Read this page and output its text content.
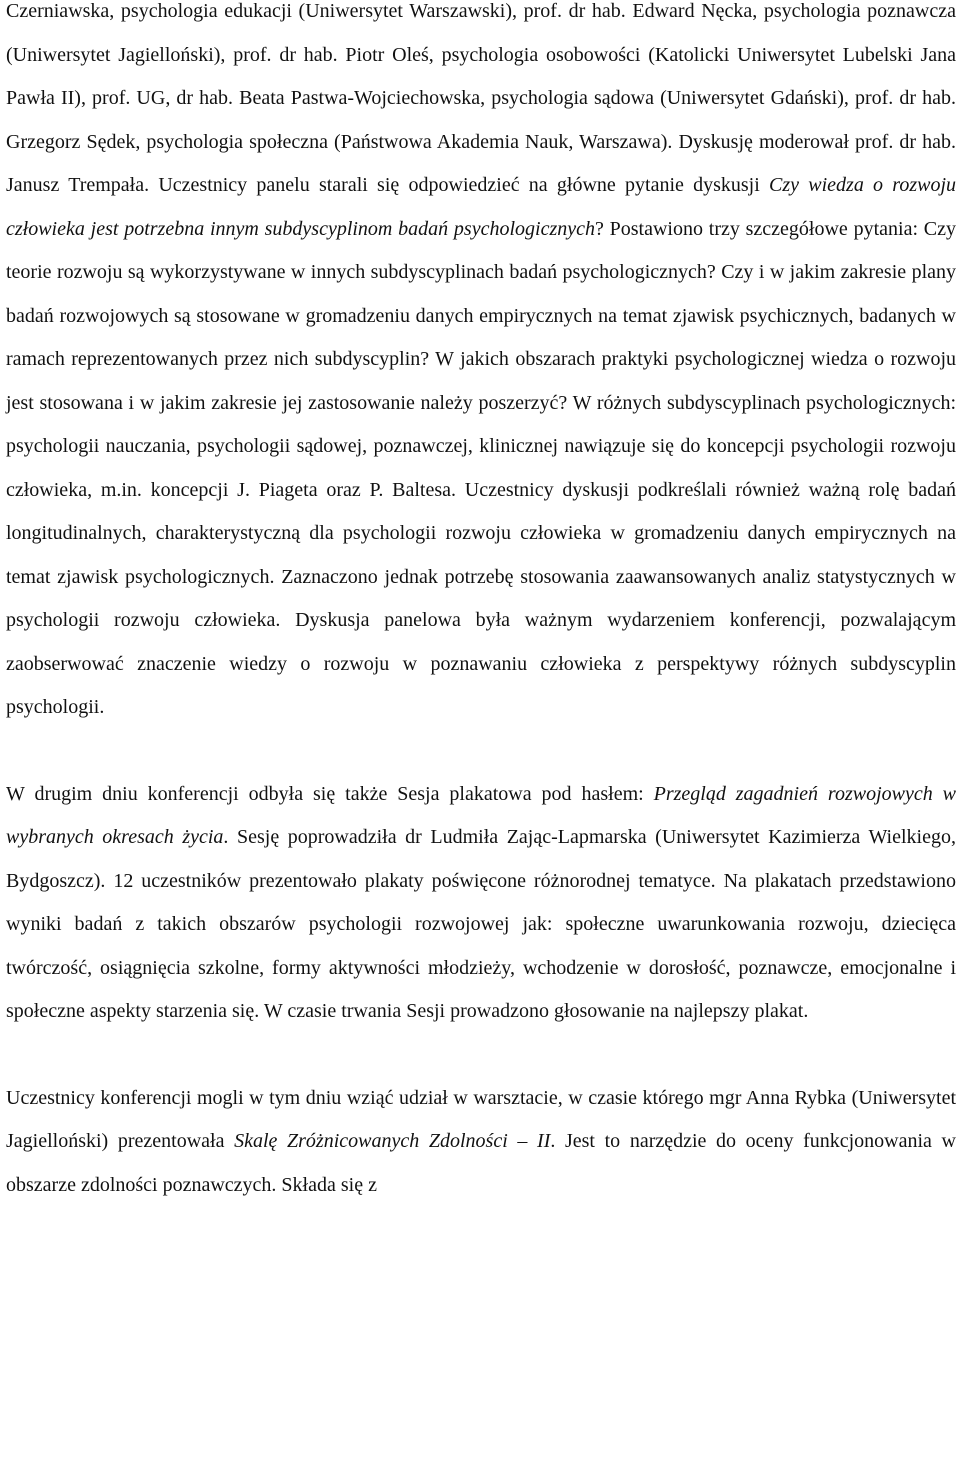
Czerniawska, psychologia edukacji (Uniwersytet Warszawski), prof. dr hab. Edward Nęcka, psychologia poznawcza (Uniwersytet Jagielloński), prof. dr hab. Piotr Oleś, psychologia osobowości (Katolicki Uniwersytet Lubelski Jana Pawła II), prof. UG, dr hab. Beata Pastwa-Wojciechowska, psychologia sądowa (Uniwersytet Gdański), prof. dr hab. Grzegorz Sędek, psychologia społeczna (Państwowa Akademia Nauk, Warszawa). Dyskusję moderował prof. dr hab. Janusz Trempała. Uczestnicy panelu starali się odpowiedzieć na główne pytanie dyskusji Czy wiedza o rozwoju człowieka jest potrzebna innym subdyscyplinom badań psychologicznych? Postawiono trzy szczegółowe pytania: Czy teorie rozwoju są wykorzystywane w innych subdyscyplinach badań psychologicznych? Czy i w jakim zakresie plany badań rozwojowych są stosowane w gromadzeniu danych empirycznych na temat zjawisk psychicznych, badanych w ramach reprezentowanych przez nich subdyscyplin? W jakich obszarach praktyki psychologicznej wiedza o rozwoju jest stosowana i w jakim zakresie jej zastosowanie należy poszerzyć? W różnych subdyscyplinach psychologicznych: psychologii nauczania, psychologii sądowej, poznawczej, klinicznej nawiązuje się do koncepcji psychologii rozwoju człowieka, m.in. koncepcji J. Piageta oraz P. Baltesa. Uczestnicy dyskusji podkreślali również ważną rolę badań longitudinalnych, charakterystyczną dla psychologii rozwoju człowieka w gromadzeniu danych empirycznych na temat zjawisk psychologicznych. Zaznaczono jednak potrzebę stosowania zaawansowanych analiz statystycznych w psychologii rozwoju człowieka. Dyskusja panelowa była ważnym wydarzeniem konferencji, pozwalającym zaobserwować znaczenie wiedzy o rozwoju w poznawaniu człowieka z perspektywy różnych subdyscyplin psychologii.

W drugim dniu konferencji odbyła się także Sesja plakatowa pod hasłem: Przegląd zagadnień rozwojowych w wybranych okresach życia. Sesję poprowadziła dr Ludmiła Zając-Lapmarska (Uniwersytet Kazimierza Wielkiego, Bydgoszcz). 12 uczestników prezentowało plakaty poświęcone różnorodnej tematyce. Na plakatach przedstawiono wyniki badań z takich obszarów psychologii rozwojowej jak: społeczne uwarunkowania rozwoju, dziecięca twórczość, osiągnięcia szkolne, formy aktywności młodzieży, wchodzenie w dorosłość, poznawcze, emocjonalne i społeczne aspekty starzenia się. W czasie trwania Sesji prowadzono głosowanie na najlepszy plakat.

Uczestnicy konferencji mogli w tym dniu wziąć udział w warsztacie, w czasie którego mgr Anna Rybka (Uniwersytet Jagielloński) prezentowała Skalę Zróżnicowanych Zdolności – II. Jest to narzędzie do oceny funkcjonowania w obszarze zdolności poznawczych. Składa się z
